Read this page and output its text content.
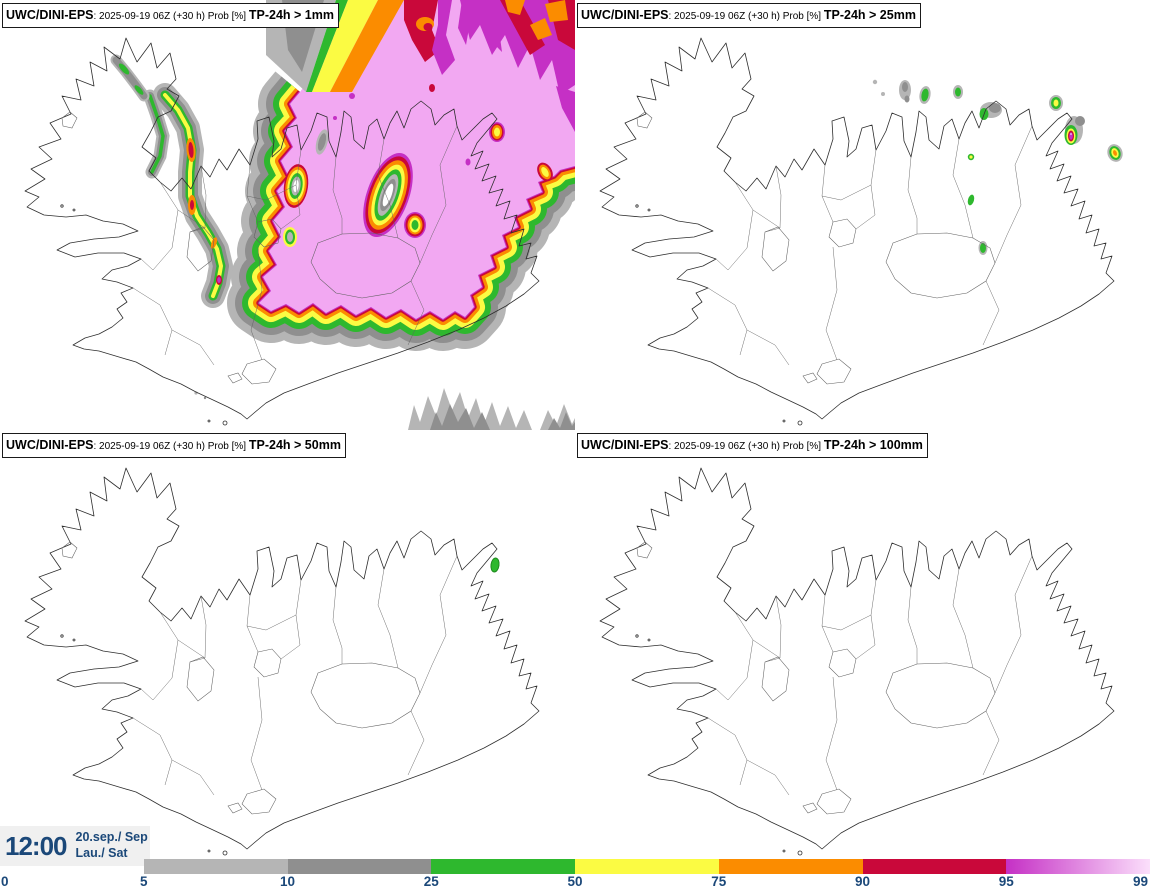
UWC/DINI-EPS: 2025-09-19 06Z (+30 h) Prob [%] TP-24h > 1mm	UWC/DINI-EPS: 2025-09-19 06Z (+30 h) Prob [%] TP-24h > 25mm
UWC/DINI-EPS: 2025-09-19 06Z (+30 h) Prob [%] TP-24h > 50mm	UWC/DINI-EPS: 2025-09-19 06Z (+30 h) Prob [%] TP-24h > 100mm
12:00 20.sep./ Sep
Lau./ Sat
0	5	10	25	50	75	90	95	99
